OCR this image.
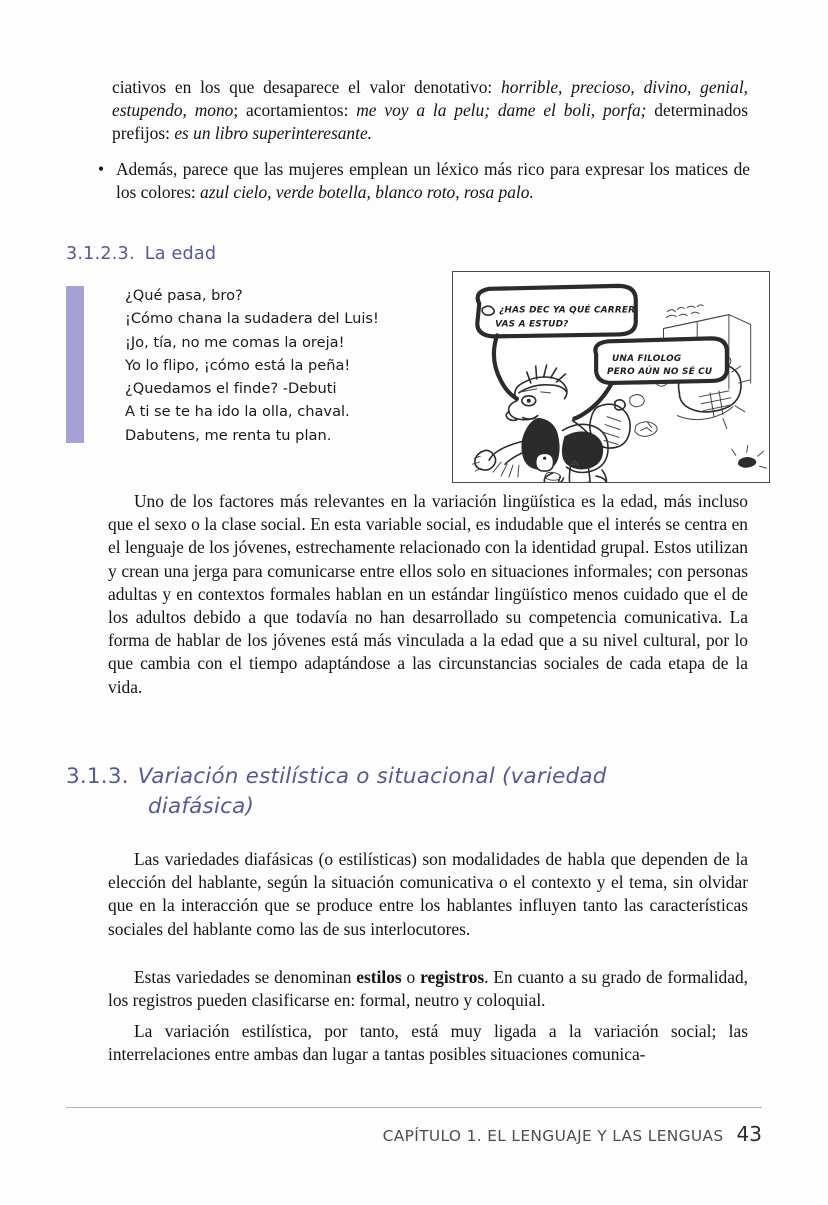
ciativos en los que desaparece el valor denotativo: horrible, precioso, divino, genial, estupendo, mono; acortamientos: me voy a la pelu; dame el boli, porfa; determinados prefijos: es un libro superinteresante.

• Además, parece que las mujeres emplean un léxico más rico para expresar los matices de los colores: azul cielo, verde botella, blanco roto, rosa palo.
3.1.2.3. La edad
¿Qué pasa, bro?
¡Cómo chana la sudadera del Luis!
¡Jo, tía, no me comas la oreja!
Yo lo flipo, ¡cómo está la peña!
¿Quedamos el finde? -Debuti
A ti se te ha ido la olla, chaval.
Dabutens, me renta tu plan.
¿HAS DEC YA QUÉ CARRER
VAS A ESTUD?
UNA FILOLOG
PERO AÚN NO SÉ CU

Uno de los factores más relevantes en la variación lingüística es la edad, más incluso que el sexo o la clase social. En esta variable social, es indudable que el interés se centra en el lenguaje de los jóvenes, estrechamente relacionado con la identidad grupal. Estos utilizan y crean una jerga para comunicarse entre ellos solo en situaciones informales; con personas adultas y en contextos formales hablan en un estándar lingüístico menos cuidado que el de los adultos debido a que todavía no han desarrollado su competencia comunicativa. La forma de hablar de los jóvenes está más vinculada a la edad que a su nivel cultural, por lo que cambia con el tiempo adaptándose a las circunstancias sociales de cada etapa de la vida.

3.1.3. Variación estilística o situacional (variedad
diafásica)

Las variedades diafásicas (o estilísticas) son modalidades de habla que dependen de la elección del hablante, según la situación comunicativa o el contexto y el tema, sin olvidar que en la interacción que se produce entre los hablantes influyen tanto las características sociales del hablante como las de sus interlocutores.

Estas variedades se denominan estilos o registros. En cuanto a su grado de formalidad, los registros pueden clasificarse en: formal, neutro y coloquial.

La variación estilística, por tanto, está muy ligada a la variación social; las interrelaciones entre ambas dan lugar a tantas posibles situaciones comunica-

CAPÍTULO 1. EL LENGUAJE Y LAS LENGUAS 43
